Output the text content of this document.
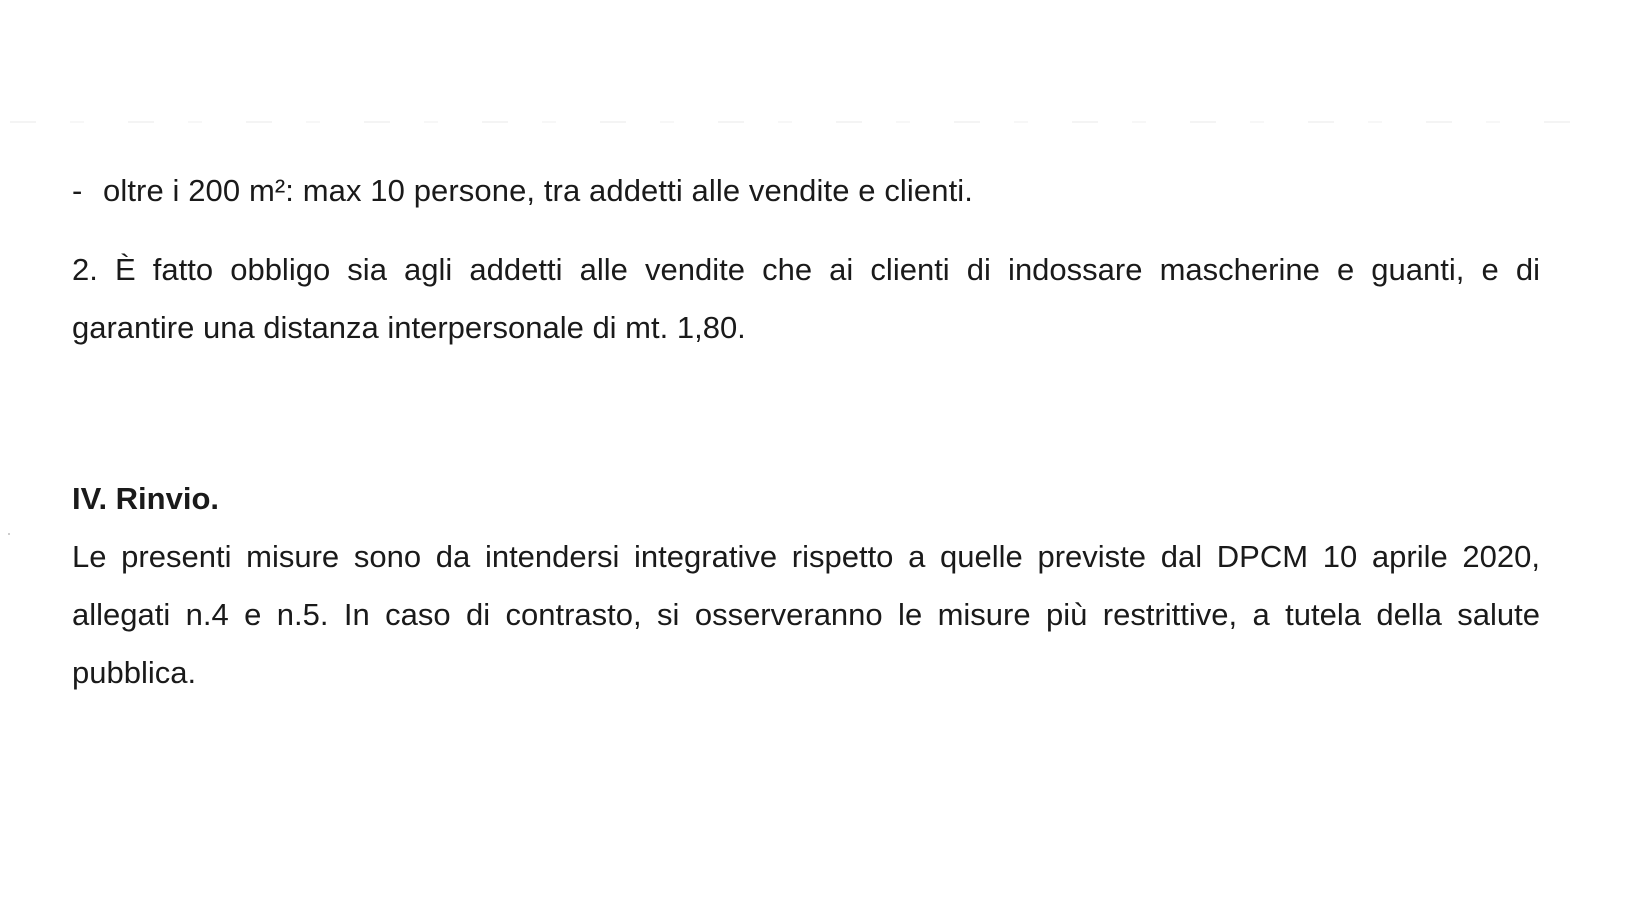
- oltre i 200 m²: max 10 persone, tra addetti alle vendite e clienti.
2. È fatto obbligo sia agli addetti alle vendite che ai clienti di indossare mascherine e guanti, e di
garantire una distanza interpersonale di mt. 1,80.
IV. Rinvio.
Le presenti misure sono da intendersi integrative rispetto a quelle previste dal DPCM 10 aprile 2020,
allegati n.4 e n.5. In caso di contrasto, si osserveranno le misure più restrittive, a tutela della salute
pubblica.
